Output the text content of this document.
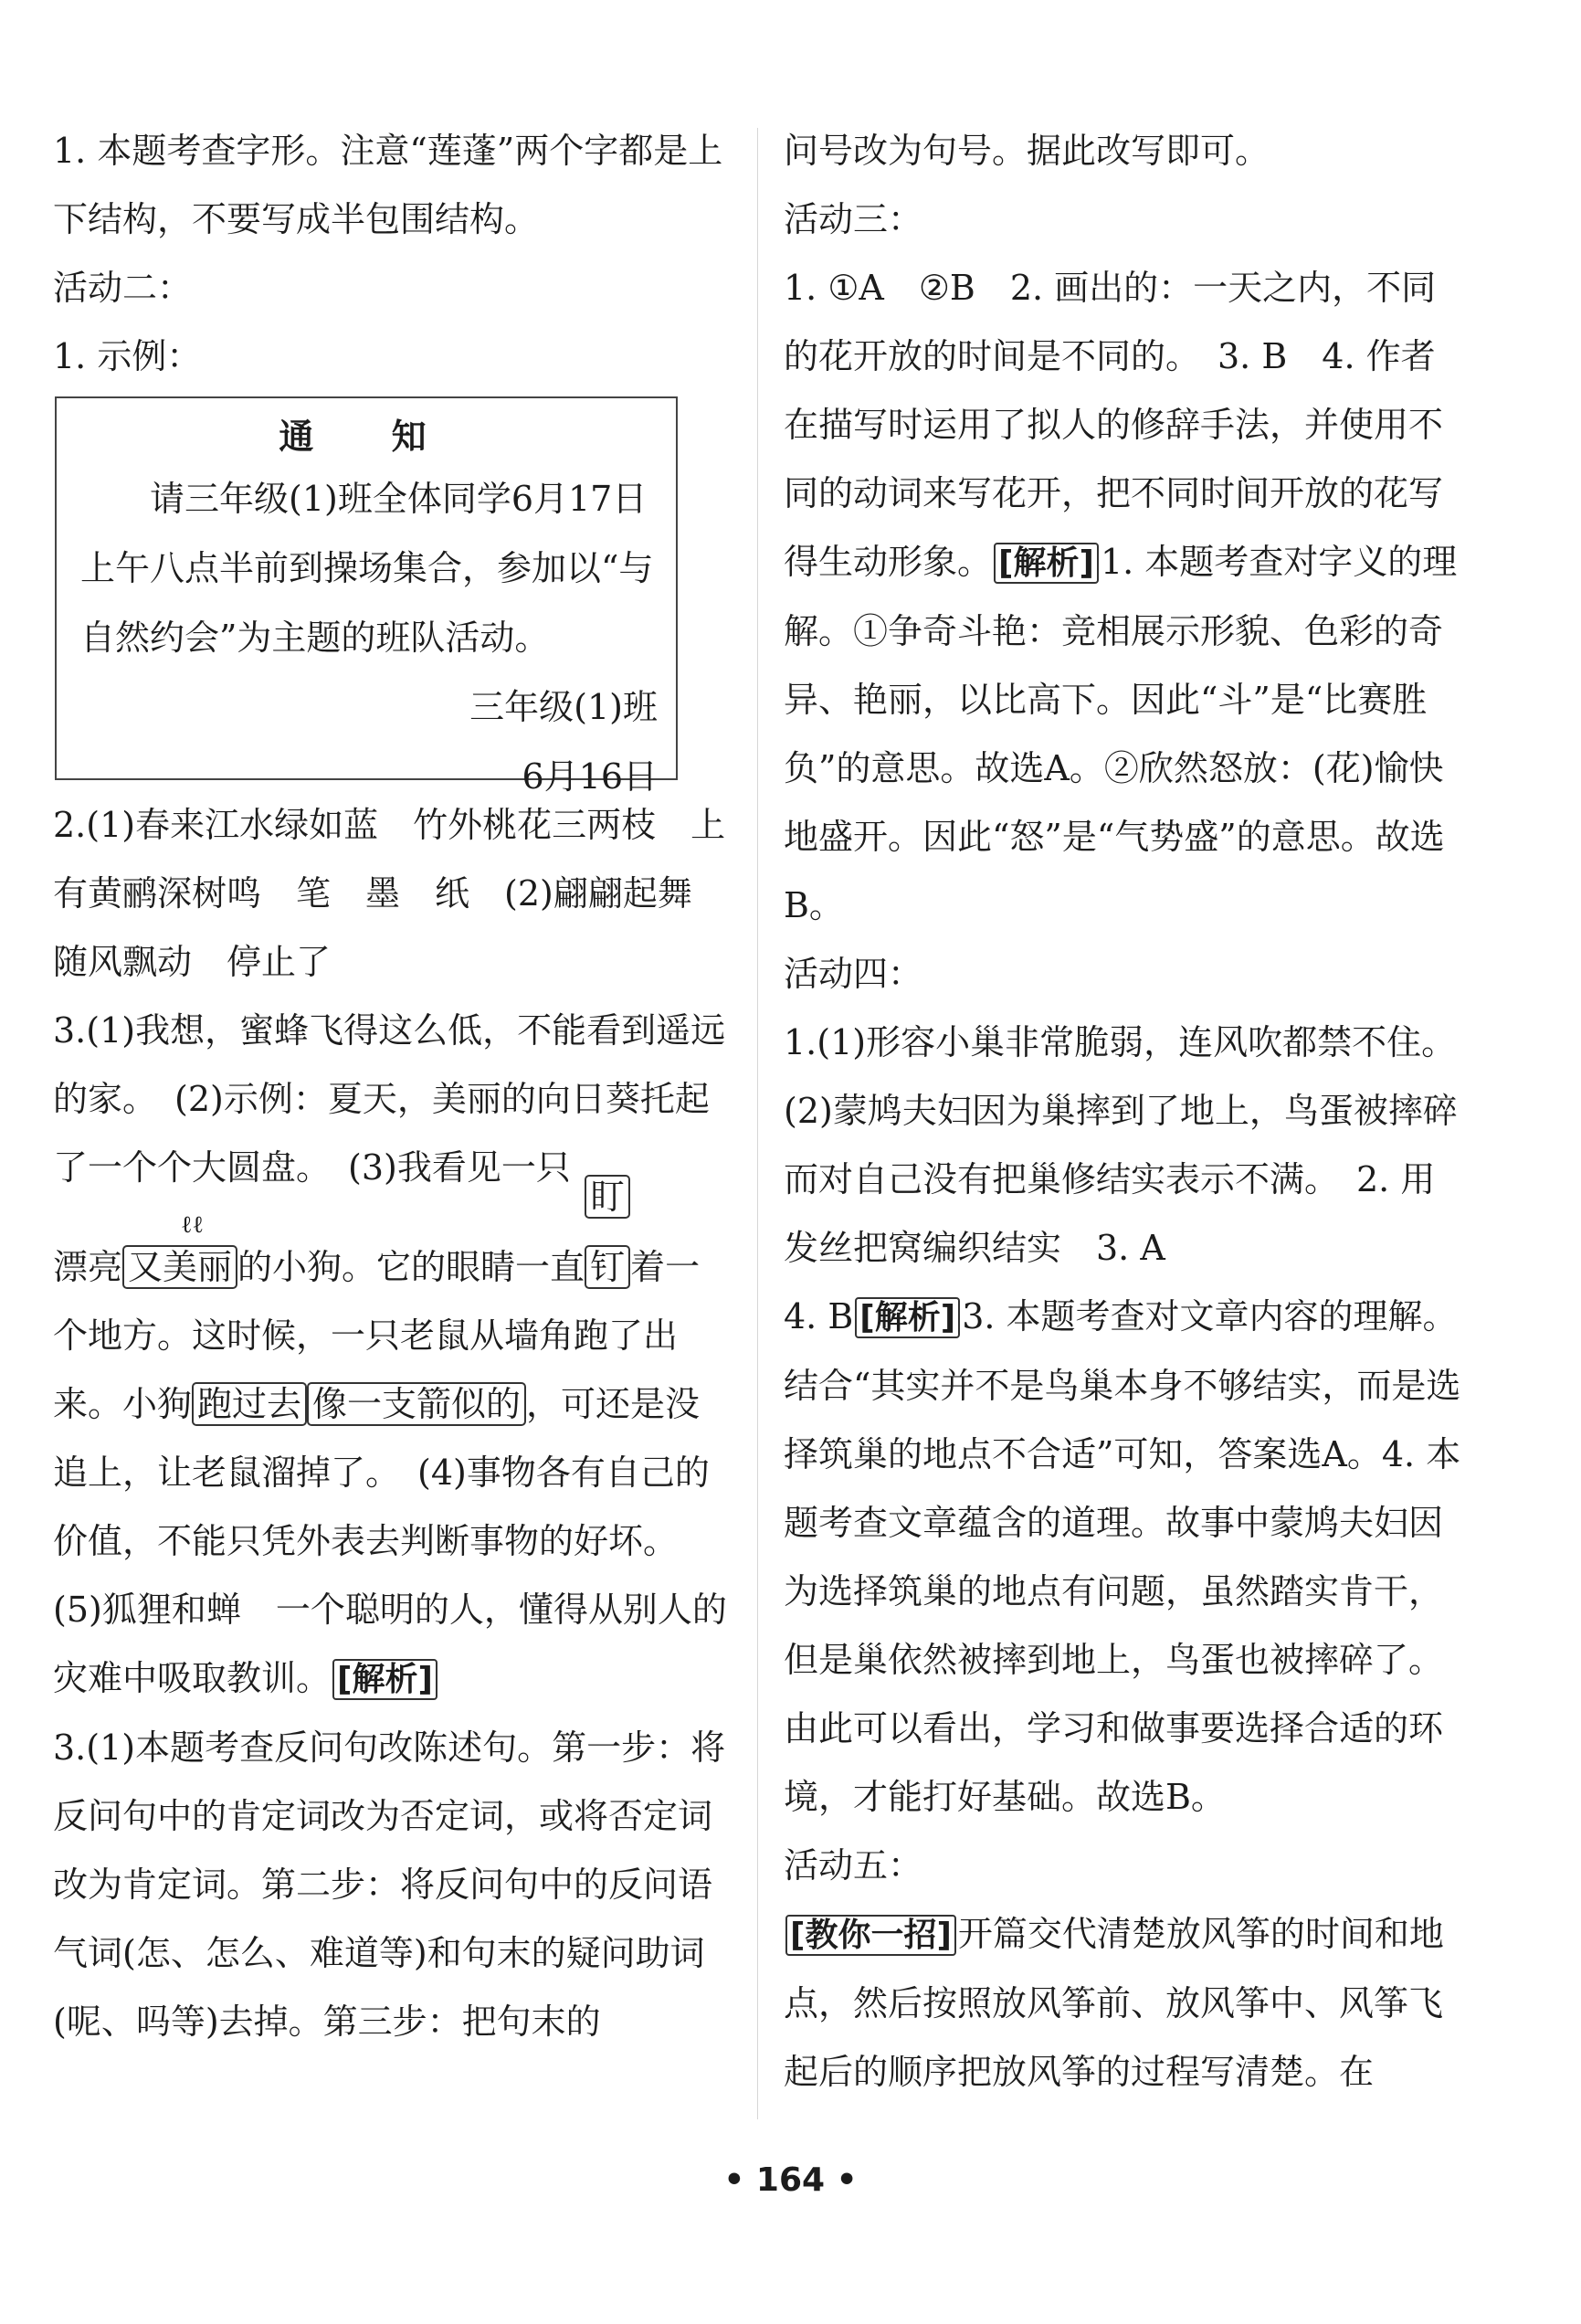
1. 本题考查字形。注意“莲蓬”两个字都是上下结构，不要写成半包围结构。

活动二：

1. 示例：

通 知
请三年级(1)班全体同学6月17日上午八点半前到操场集合，参加以“与自然约会”为主题的班队活动。
三年级(1)班
6月16日

2.(1)春来江水绿如蓝　竹外桃花三两枝　上有黄鹂深树鸣　笔　墨　纸　(2)翩翩起舞　随风飘动　停止了

3.(1)我想，蜜蜂飞得这么低，不能看到遥远的家。　(2)示例：夏天，美丽的向日葵托起了一个个大圆盘。　(3)我看见一只

漂亮 又美丽
ℓℓ
的小狗。它的眼睛一直
盯
钉 着一个地方。这时候，一只老鼠从墙角跑了出来。小狗 跑过去 像一支箭似的 ，可还是没追上，让老鼠溜掉了。　(4)事物各有自己的价值，不能只凭外表去判断事物的好坏。　(5)狐狸和蝉　一个聪明的人，懂得从别人的灾难中吸取教训。 [解析]

3.(1)本题考查反问句改陈述句。第一步：将反问句中的肯定词改为否定词，或将否定词改为肯定词。第二步：将反问句中的反问语气词(怎、怎么、难道等)和句末的疑问助词(呢、吗等)去掉。第三步：把句末的

问号改为句号。据此改写即可。

活动三：

1. ①A　②B　2. 画出的：一天之内，不同的花开放的时间是不同的。　3. B　4. 作者在描写时运用了拟人的修辞手法，并使用不同的动词来写花开，把不同时间开放的花写得生动形象。 [解析] 1. 本题考查对字义的理解。①争奇斗艳：竞相展示形貌、色彩的奇异、艳丽，以比高下。因此“斗”是“比赛胜负”的意思。故选A。②欣然怒放：(花)愉快地盛开。因此“怒”是“气势盛”的意思。故选B。

活动四：

1.(1)形容小巢非常脆弱，连风吹都禁不住。　(2)蒙鸠夫妇因为巢摔到了地上，鸟蛋被摔碎而对自己没有把巢修结实表示不满。　2. 用发丝把窝编织结实　3. A

4. B [解析] 3. 本题考查对文章内容的理解。结合“其实并不是鸟巢本身不够结实，而是选择筑巢的地点不合适”可知，答案选A。4. 本题考查文章蕴含的道理。故事中蒙鸠夫妇因为选择筑巢的地点有问题，虽然踏实肯干，但是巢依然被摔到地上，鸟蛋也被摔碎了。由此可以看出，学习和做事要选择合适的环境，才能打好基础。故选B。

活动五：

[教你一招] 开篇交代清楚放风筝的时间和地点，然后按照放风筝前、放风筝中、风筝飞起后的顺序把放风筝的过程写清楚。在

• 164 •
